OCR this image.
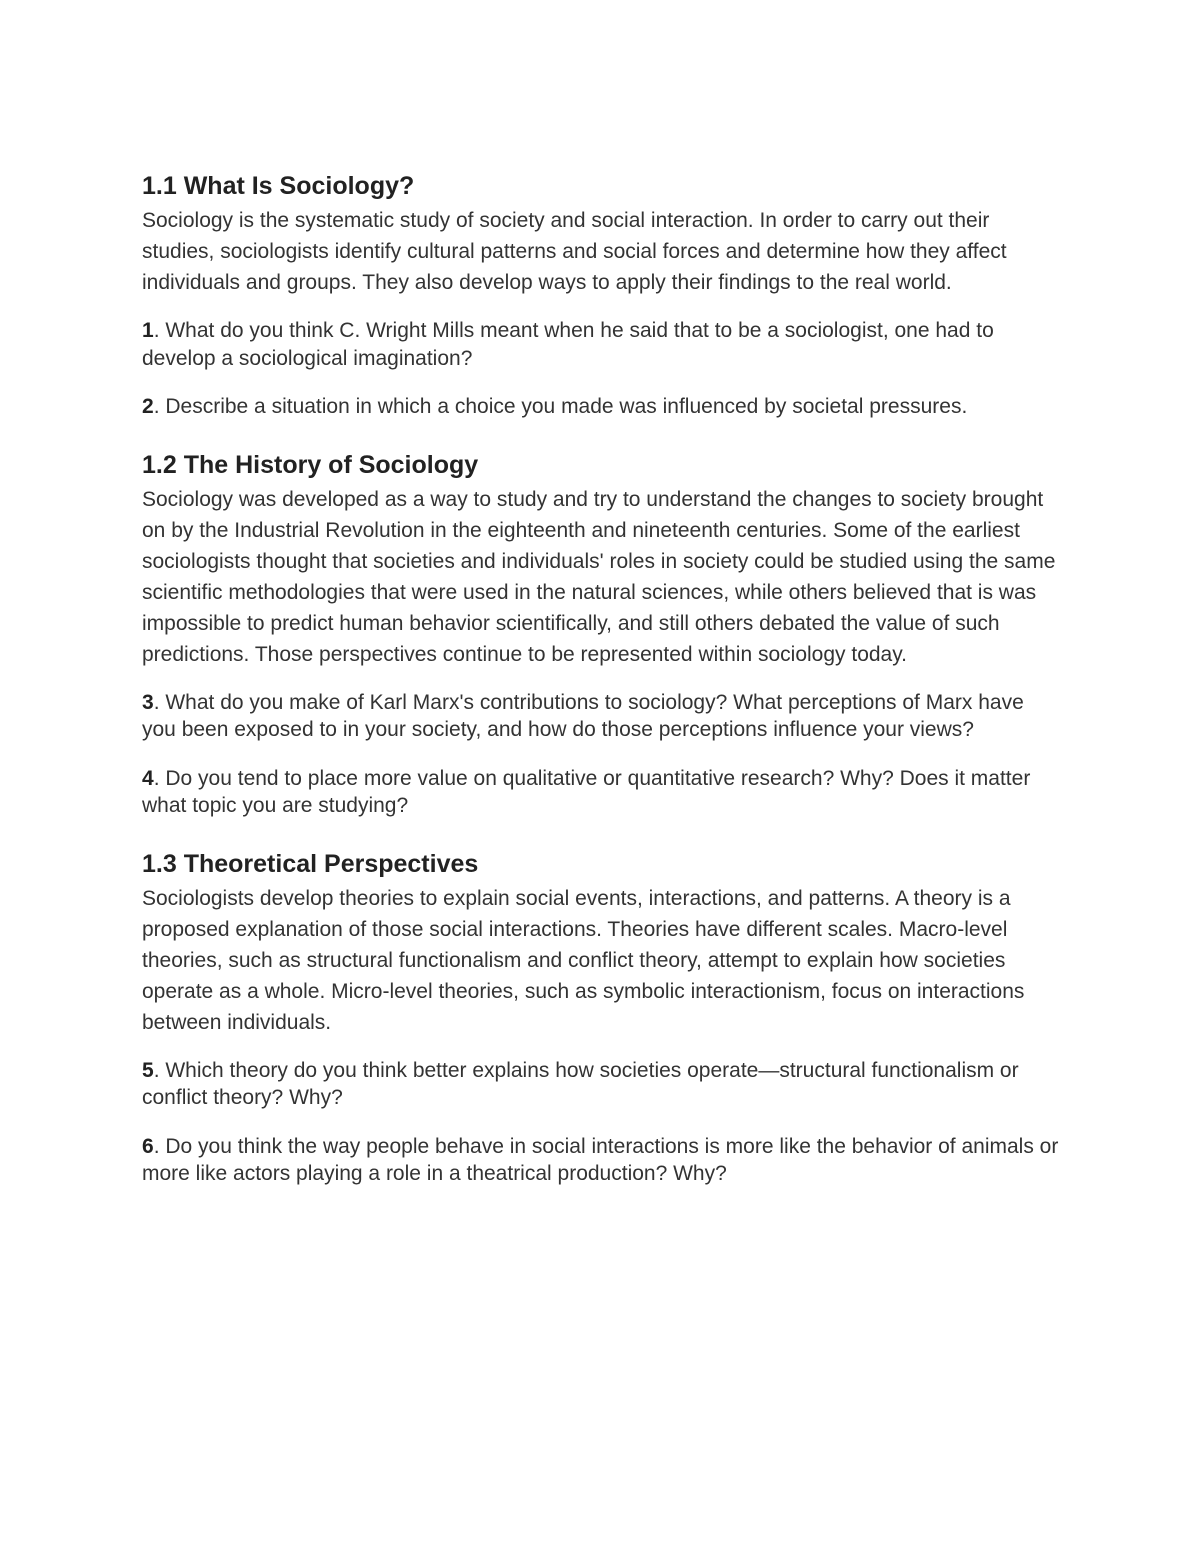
1.1 What Is Sociology?

Sociology is the systematic study of society and social interaction. In order to carry out their studies, sociologists identify cultural patterns and social forces and determine how they affect individuals and groups. They also develop ways to apply their findings to the real world.

1. What do you think C. Wright Mills meant when he said that to be a sociologist, one had to develop a sociological imagination?

2. Describe a situation in which a choice you made was influenced by societal pressures.

1.2 The History of Sociology

Sociology was developed as a way to study and try to understand the changes to society brought on by the Industrial Revolution in the eighteenth and nineteenth centuries. Some of the earliest sociologists thought that societies and individuals' roles in society could be studied using the same scientific methodologies that were used in the natural sciences, while others believed that is was impossible to predict human behavior scientifically, and still others debated the value of such predictions. Those perspectives continue to be represented within sociology today.

3. What do you make of Karl Marx's contributions to sociology? What perceptions of Marx have you been exposed to in your society, and how do those perceptions influence your views?

4. Do you tend to place more value on qualitative or quantitative research? Why? Does it matter what topic you are studying?

1.3 Theoretical Perspectives

Sociologists develop theories to explain social events, interactions, and patterns. A theory is a proposed explanation of those social interactions. Theories have different scales. Macro-level theories, such as structural functionalism and conflict theory, attempt to explain how societies operate as a whole. Micro-level theories, such as symbolic interactionism, focus on interactions between individuals.

5. Which theory do you think better explains how societies operate—structural functionalism or conflict theory? Why?

6. Do you think the way people behave in social interactions is more like the behavior of animals or more like actors playing a role in a theatrical production? Why?
